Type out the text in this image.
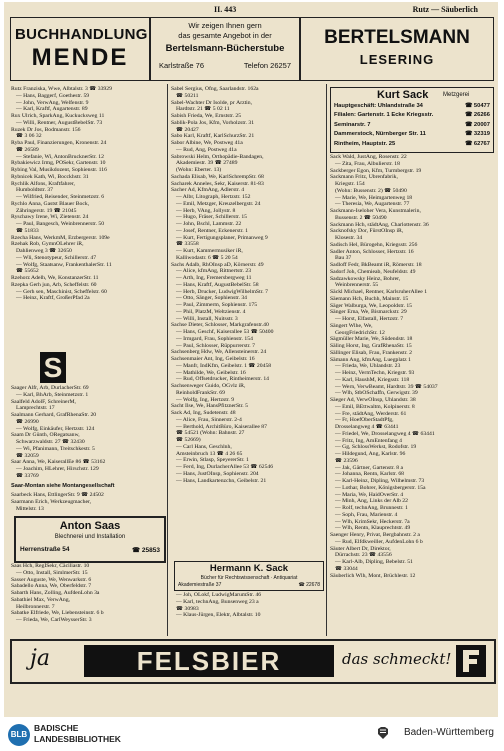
II. 443	Rutz — Säuberlich
BUCHHANDLUNG
MENDE
Wir zeigen Ihnen gern
das gesamte Angebot in der
Bertelsmann-Bücherstube
Karlstraße 76	Telefon 26257
BERTELSMANN
LESERING
Rutz Franziska, Wwe, Albtalstr. 3 ☎ 33929
— Hans, Baggerf, Goethestr. 59
— John, VerwAng, Welfenstr. 9
— Karl, Kraftf, Augartenstr. 89
Rux Ulrich, SparkAng, Kuckucksweg 11
— Willi, Rentner, AugustBebelStr. 73
Ruzek Dr Jos, Bodmanstr. 156
☎ 3 06 32
Ryba Paul, Finanzierungen, Kronenstr. 24
☎ 26589
— Stefanie, Wi, AntonBrucknerStr. 12
Rybakiewicz Irmg, PÖSekr, Gartenstr. 10
Rybing Val, Musikdozent, Sophienstr. 116
Rybnicek Kath, Wi, Bocckhstr. 31
Rychlik Alfons, Kraftfahrer,
Humboldtstr. 37
— Wilfried, Reisender, Steinmetzstr. 6
Rychlo Anna, Gastst Blauer Bock,
Zähringerstr. 19 ☎ 21045
Ryschawy Irene, Wi, Zietenstr. 24
— Paul, Bangesch, Weinbrennerstr. 50
☎ 51833
Rzecha Hans, WerkmM, Erzbergerstr. 109e
Rzehak Rob, GymnOLehrer iR,
Dahlienweg 3 ☎ 32650
— Wli, Stenotypeur, Schillerstr. 47
— Wolfg, Staatsanw, FrankenthalerStr. 11
☎ 55652
Rzehorz Adelh, We, KonstanzerStr. 11
Rzepka Gerh jun, Arb, Scheffelstr. 60
— Gerh sen, Maschinist, Scheffelstr. 60
— Heinz, Kraftf, GroßerPfad 2a
S
Saager Alfr, Arb, DurlacherStr. 69
— Karl, BhArb, Steinmetzstr. 1
Saalfeld AdolF, SchreinerM,
Lamprechtstr. 17
Saalmann Gerhard, GrafRhenaStr. 20
☎ 26990
— Wolfg, Einkäufer, Hertzstr. 124
Saam Dr Günth, ORegatsanw,
Schwarzwaldstr. 27 ☎ 32430
— Wi, Pfanimann, Treitschkestr. 5
☎ 32059
Saar Anna, We, KaiserallEe 86 ☎ 53162
— Joachim, HLehrer, Hirschstr. 129
☎ 33769
Saar-Montan siehe Montangesellschaft
Saarbeck Hans, EttlingerStr. 9 ☎ 24502
Saarmann Erich, Werkzeugmacher,
Mittelstr. 13
Anton Saas
Blechnerei und Installation
Herrenstraße 54	☎ 25853
Saas Hch, RegISekr, Cäciliastr. 10
— Otto, Install, SimlmerStr. 15
Sasser Auguste, We, Wenwarkstr. 6
Sabadello Anna, We, Oberfeldstr. 7
Sabarth Hans, Zolling, AufdenLohn 3a
Sabathiel Max, VerwAng,
Heilbronnerstr. 7
Sabatke Elfriede, We, Liebensteinstr. 6 b
— Frieda, We, CarlWeysserStr. 3
Sabel Sergius, Ofng, Saarlandstr. 162a
☎ 50211
Sabel-Wachter Dr Isolde, pr Ärztin,
Hardtstr. 21 ☎ 5 02 11
Sabish Frieda, We, Ernststr. 25
Sablik-Pola Jos, Kfm, Vorholzstr. 31
☎ 20427
Sabo Karl, Kraftf, KarlSchurzStr. 21
Sabor Albine, We, Postweg 41a
— Rud, Ang, Postweg 41a
Sabrowski Helm, Orthopädie-Bandagen,
Akademiestr. 39 ☎ 27489
(Wohn: Eberter. 13)
Sachada Elisab, We, KarlSchrempStr. 68
Sacharek Anneles, Sekr, Kaiserstr. 81-83
Sacher Ad, KfmAng, Adlerstr. 4
— Albr, Litograph, Hertzstr. 152
— Emil, Metzger, Kreuzelbergstr. 24
— Herb, VAng, Jollystr. 8
— Hugo, Fräser, Schillerstr. 15
— John, Bschl, Lammstr. 22
— Josef, Rentner, Eckenerstr. 1
— Kurt, Fertigungsplaner, Primanweg 9
☎ 33558
— Kurt, Kammermusiker iR,
Kalliwodastr. 6 ☎ 5 20 54
Sachs Adalb, RhOInsp aD, Körnerstr. 49
— Alice, kfmAng, Rittnertstr. 23
— Arth, Ing, Fremersbergweg 11
— Hans, Kraftf, AugustBebelStr. 58
— Herb, Drucker, LudwigWilhelmStr. 7
— Otto, Sänger, Sophienstr. 34
— Paul, Zimmerm, Sophienstr. 175
— Phil, PlatzM, Weltzienstr. 4
— Willi, Install, Nuitsstr. 3
Sachse Dieter, Schlosser, Markgrafenstr.40
— Hans, Geschf, Kaiserallee 53 ☎ 50400
— Irmgard, Frau, Sophienstr. 154
— Paul, Schlosser, Rüppurrerstr. 7
Sachsenberg Hdw, We, Allensteinerstr. 24
Sachsenmaier Ant, Ing, Geibelstr. 16
— Manfr, IndKfm, Geibelstr. 1 ☎ 20458
— Mathilde, We, Geibelstr. 16
— Rud, Offsetdrucker, Rintheimerstr. 14
Sachsenweger Guido, OGvlz iR,
ReinholdFrankStr. 69
— Wolfg, Ing, Hertzstr. 9
Sacht Ilse, We, HansPfitznerStr. 5
Sack Ad, Ing, Sudetenstr. 48
— Alice, Frau, Sinnerstr. 2-4
— Berthold, ArchitBüro, Kaiserallee 87
☎ 54521 (Wohn: Bahnstr. 27
☎ 52669)
— Carl Hans, Geschlnh,
Amsteinbruch 13 ☎ 4 26 65
— Erwin, Stlasp, SpeyererStr. 1
— Ferd, Ing, DurlacherAllee 53 ☎ 62546
— Hans, JustOInsp, Sophienstr. 204
— Hans, Landkartenzchn, Geibelstr. 21
Hermann K. Sack
Bücher für Rechtswissenschaft · Antiquariat
Akademiestraße 37	☎ 22678
— Joh, OLokf, LudwigMarumStr. 46
— Karl, technAng, Bunsenweg 23 a
☎ 30983
— Klaus-Jürgen, Elektr, Albtalstr. 10
Kurt Sack Metzgerei
Hauptgeschäft: Uhlandstraße 34	☎ 50477
Filialen: Gartenstr. 1 Ecke Kriegsstr.	☎ 26266
Seminarstr. 7	☎ 20007
Dammerstock, Nürnberger Str. 11	☎ 32319
Rintheim, Hauptstr. 25	☎ 62767
Sack Wald, JustAng, Rosenstr. 22
— Zita, Frau, Albulierstr. 18
Sackberger Egon, Kfm, Turmbergstr. 19
Sackmann Fritz, Ubrenfabrik,
Kriegstr. 154
(Wohn: Bussenstr. 2) ☎ 50490
— Marie, We, Heimgartenweg 18
— Theresia, We, Augartenstr. 77
Sackmann-Iseloher Vera, Kunstmalerin,
Bussenstr. 2 ☎ 50490
Sackmann Hch, städtAng, Charlottenstr. 36
Sacknofsky Dor, FürstOInsp iR,
Klosestr. 34
Sadisch Hel, Bürogehn, Kriegsstr. 256
Sadler Anton, Schlosser, Hertzstr. 16
Bau 37
Sadloff Fedr, BkBeamt iR, Römerstr. 18
Sadorf Joh, Chemieab, Neufeldstr. 49
Sadzawkowsky Heinz, Bohrer,
Weinbrennerstr. 55
Säckl Michael, Rentner, KarlsruherAllee 1
Säemann Hch, Buchh, Mainstr. 15
Säger Walburga, We, Leopoldstr. 15
Sänger Erna, We, Bismarckstr. 29
— Horst, Elfastall, Hertzstr. 7
Sängert Wlhe, We,
GeorgFriedrichStr. 12
Sägmüller Marie, We, Südendstr. 18
Säling Horst, Ing, GrafRhenaStr. 15
Sällinger Elisab, Frau, Frankenstr. 2
Sämann Ang, kfmAng, Luegplatz 1
— Frieda, We, Uhlandstr. 23
— Heinz, VermTechn, Kriegstr. 93
— Karl, HaushM, Kriegsstr. 118
— Wern, VerwBeamt, Hardtstr. 39 ☎ 54037
— Wlh, StbOSchaffn, Gerwigstr. 39
Säeger Ad, VerwOInsp, Uhlandstr. 38
— Emil, BEttwaltm, Kolpinerstr. 8
— Fre, städtAng, Werderstr. 61
— Fr, HoefOberStadtPfg,
Drosselangweg 4 ☎ 63441
— Friedel, We, Drosselangweg 4 ☎ 63441
— Fritz, Ing, AmEntenfang 4
— Gg, SchlossWerkst, Rodofstr. 19
— Hildegund, Ang, Karlstr. 96
☎ 23596
— Jak, Gärtner, Gartenstr. 8 a
— Johanna, Rentn, Karlstr. 68
— Karl-Heinz, Dipling, Wilhelmstr. 73
— Lothar, Bohrer, Königsbergerstr. 15a
— Maria, We, HaidOverStr. 4
— Minh, Ang, Links der Alb 22
— Rolf, technAng, Brunnestr. 1
— Soph, Frau, Marienstr. 4
— Wlh, KrimSekr, Heckerstr. 7a
— Wlh, Rentn, Klauprechtstr. 49
Saenger Henry, Privat, Bergbahnstr. 2 a
— Rud, Elfdkweiller, AufdenLohn 6 b
Säuter Albert Dr, Direktor,
Dürrachstr. 23 ☎ 43556
— Karl-Alb, Dipling, Bebelstr. 51
☎ 33044
Säuberlich Wlh, Mont, Brüchlestr. 12
ja	FELSBIER	das schmeckt!
BLB
BADISCHE
LANDESBIBLIOTHEK
Baden-Württemberg
